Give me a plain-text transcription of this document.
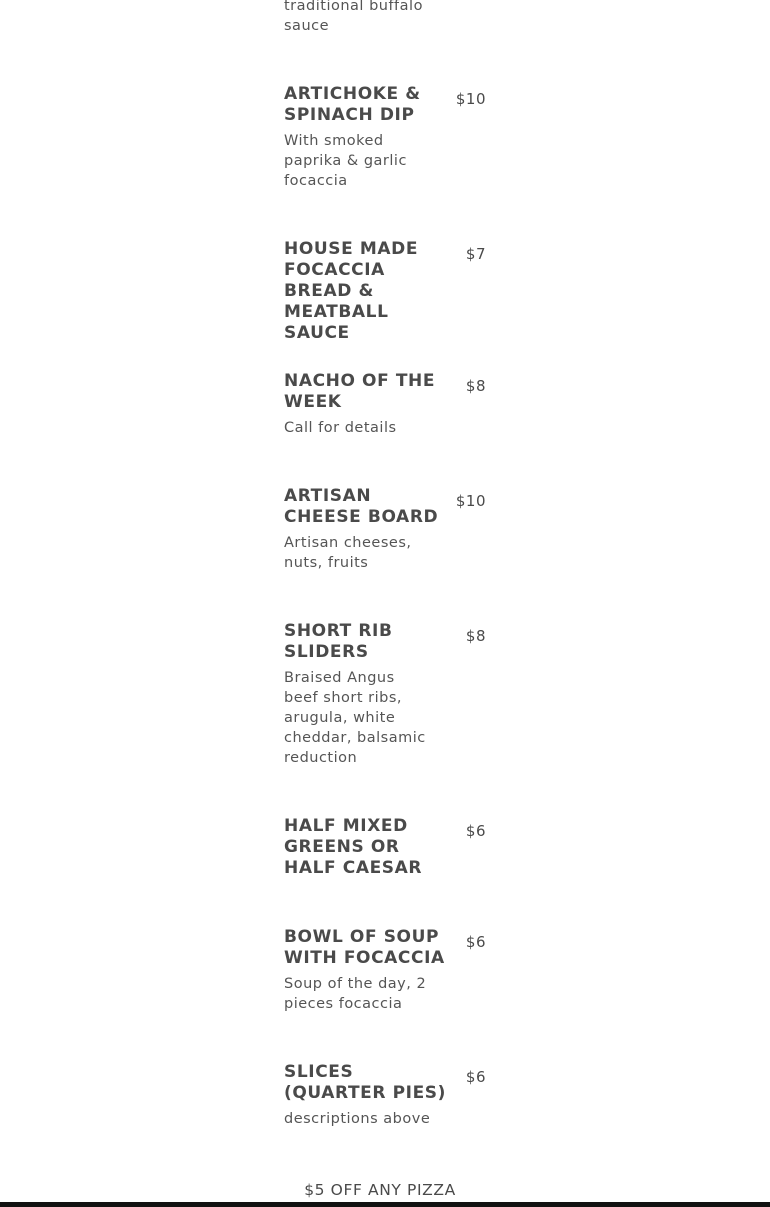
traditional buffalo
sauce
ARTICHOKE &
SPINACH DIP
$10
With smoked
paprika & garlic
focaccia
HOUSE MADE
FOCACCIA
BREAD & MEATBALL
SAUCE
$7
NACHO OF THE
WEEK
$8
Call for details
ARTISAN
CHEESE BOARD
$10
Artisan cheeses,
nuts, fruits
SHORT RIB
SLIDERS
$8
Braised Angus
beef short ribs,
arugula, white
cheddar, balsamic
reduction
HALF MIXED
GREENS OR
HALF CAESAR
$6
BOWL OF SOUP
WITH FOCACCIA
$6
Soup of the day, 2
pieces focaccia
SLICES
(QUARTER PIES)
$6
descriptions above
$5 OFF ANY PIZZA
